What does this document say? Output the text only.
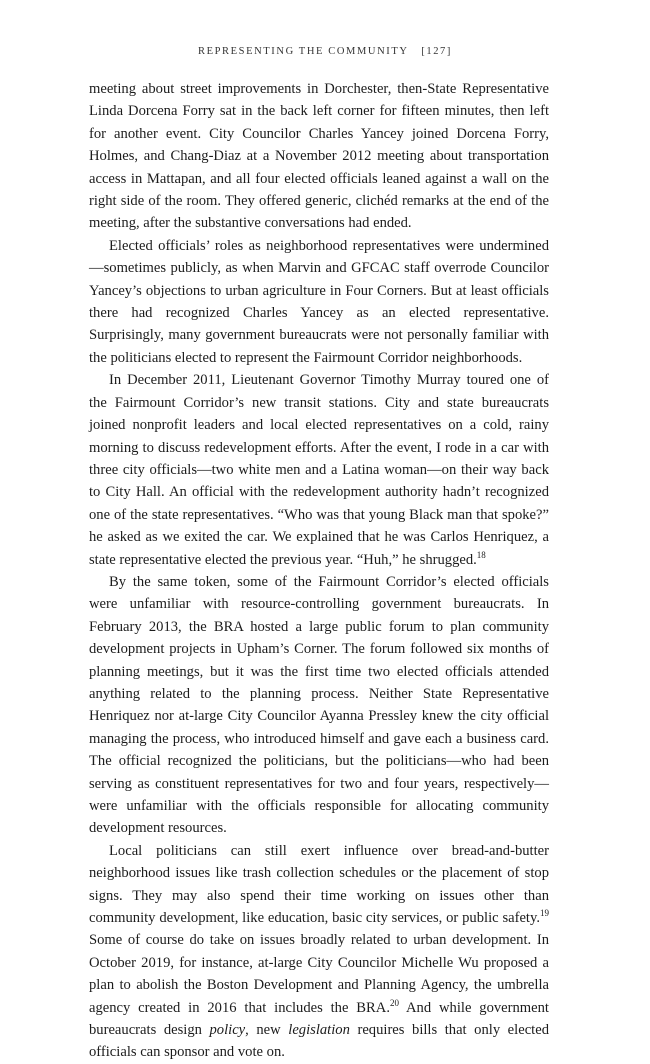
REPRESENTING THE COMMUNITY [127]

meeting about street improvements in Dorchester, then-State Representative Linda Dorcena Forry sat in the back left corner for fifteen minutes, then left for another event. City Councilor Charles Yancey joined Dorcena Forry, Holmes, and Chang-Diaz at a November 2012 meeting about transportation access in Mattapan, and all four elected officials leaned against a wall on the right side of the room. They offered generic, clichéd remarks at the end of the meeting, after the substantive conversations had ended.

Elected officials’ roles as neighborhood representatives were undermined—sometimes publicly, as when Marvin and GFCAC staff overrode Councilor Yancey’s objections to urban agriculture in Four Corners. But at least officials there had recognized Charles Yancey as an elected representative. Surprisingly, many government bureaucrats were not personally familiar with the politicians elected to represent the Fairmount Corridor neighborhoods.

In December 2011, Lieutenant Governor Timothy Murray toured one of the Fairmount Corridor’s new transit stations. City and state bureaucrats joined nonprofit leaders and local elected representatives on a cold, rainy morning to discuss redevelopment efforts. After the event, I rode in a car with three city officials—two white men and a Latina woman—on their way back to City Hall. An official with the redevelopment authority hadn’t recognized one of the state representatives. “Who was that young Black man that spoke?” he asked as we exited the car. We explained that he was Carlos Henriquez, a state representative elected the previous year. “Huh,” he shrugged.$^{18}$

By the same token, some of the Fairmount Corridor’s elected officials were unfamiliar with resource-controlling government bureaucrats. In February 2013, the BRA hosted a large public forum to plan community development projects in Upham’s Corner. The forum followed six months of planning meetings, but it was the first time two elected officials attended anything related to the planning process. Neither State Representative Henriquez nor at-large City Councilor Ayanna Pressley knew the city official managing the process, who introduced himself and gave each a business card. The official recognized the politicians, but the politicians—who had been serving as constituent representatives for two and four years, respectively—were unfamiliar with the officials responsible for allocating community development resources.

Local politicians can still exert influence over bread-and-butter neighborhood issues like trash collection schedules or the placement of stop signs. They may also spend their time working on issues other than community development, like education, basic city services, or public safety.$^{19}$ Some of course do take on issues broadly related to urban development. In October 2019, for instance, at-large City Councilor Michelle Wu proposed a plan to abolish the Boston Development and Planning Agency, the umbrella agency created in 2016 that includes the BRA.$^{20}$ And while government bureaucrats design policy, new legislation requires bills that only elected officials can sponsor and vote on.
